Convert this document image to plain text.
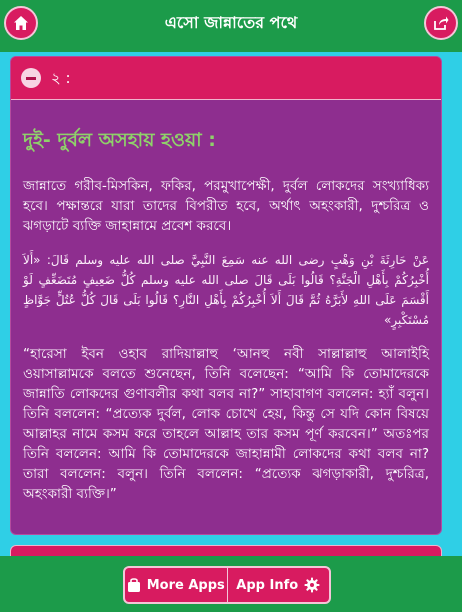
এসো জান্নাতের পথে
২ :
দুই- দুর্বল অসহায় হওয়া :

জান্নাতে গরীব-মিসকিন, ফকির, পরমুখাপেক্ষী, দুর্বল লোকদের সংখ্যাধিক্য হবে। পক্ষান্তরে যারা তাদের বিপরীত হবে, অর্থাৎ অহংকারী, দুশ্চরিত্র ও ঝগড়াটে ব্যক্তি জাহান্নামে প্রবেশ করবে।

عَنْ حَارِثَةَ بْنِ وَهْبٍ رضى الله عنه سَمِعَ النَّبِيَّ صلى الله عليه وسلم قَالَ: «أَلاَ أُخْبِرُكُمْ بِأَهْلِ الْجَنَّةِ؟ قَالُوا بَلَى قَالَ صلى الله عليه وسلم كُلُّ ضَعِيفٍ مُتَضَعِّفٍ لَوْ أَقْسَمَ عَلَى اللهِ لأَبَرَّهُ ثُمَّ قَالَ أَلاَ أُخْبِرُكُمْ بِأَهْلِ النَّارِ؟ قَالُوا بَلَى قَالَ كُلُّ عُتُلٍّ جَوَّاظٍ مُسْتَكْبِرٍ»

“হারেসা ইবন ওহাব রাদিয়াল্লাহু ‘আনহু নবী সাল্লাল্লাহু আলাইহি ওয়াসাল্লামকে বলতে শুনেছেন, তিনি বলেছেন: “আমি কি তোমাদেরকে জান্নাতি লোকদের গুণাবলীর কথা বলব না?” সাহাবাগণ বললেন: হ্যাঁ বলুন। তিনি বললেন: “প্রত্যেক দুর্বল, লোক চোখে হেয়, কিন্তু সে যদি কোন বিষয়ে আল্লাহর নামে কসম করে তাহলে আল্লাহ তার কসম পূর্ণ করবেন।” অতঃপর তিনি বললেন: আমি কি তোমাদেরকে জাহান্নামী লোকদের কথা বলব না? তারা বললেন: বলুন। তিনি বললেন: “প্রত্যেক ঝগড়াকারী, দুশ্চরিত্র, অহংকারী ব্যক্তি।”

More Apps App Info
